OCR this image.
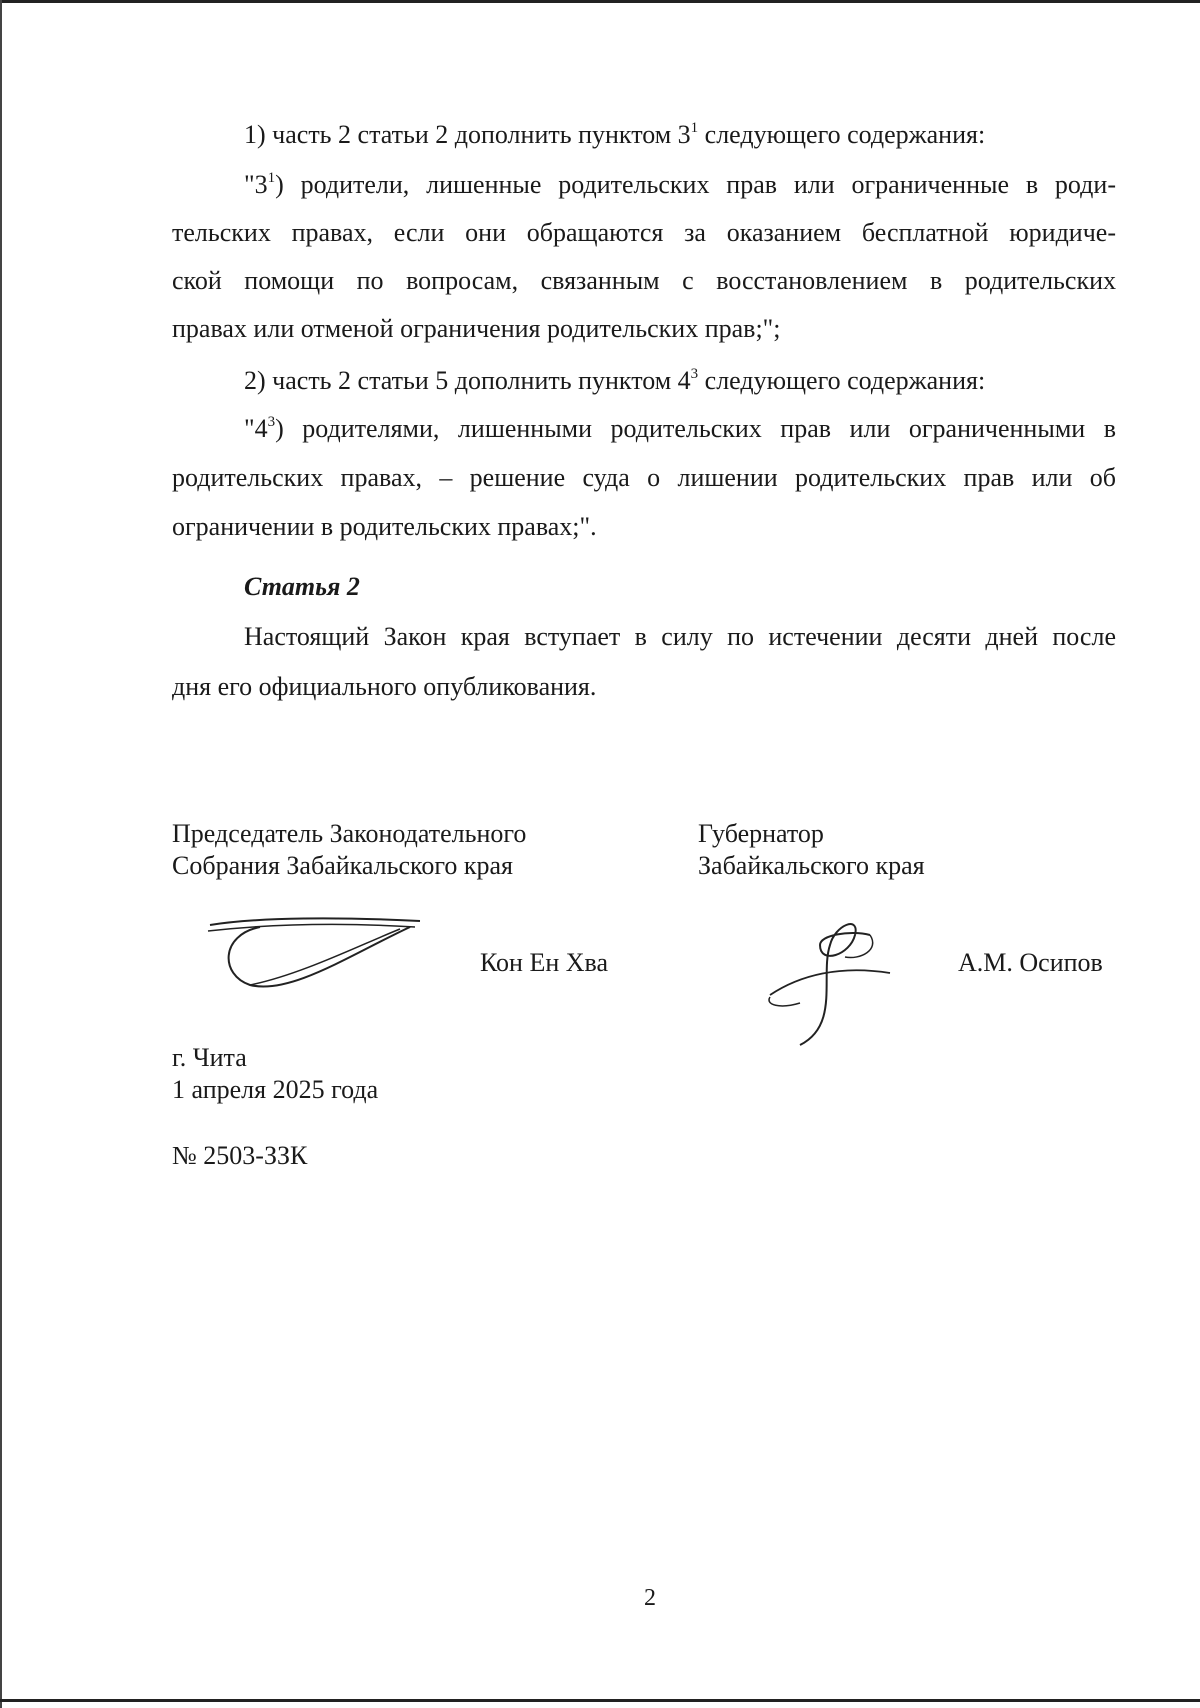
1) часть 2 статьи 2 дополнить пунктом $3^1$ следующего содержания:
"$3^1$) родители, лишенные родительских прав или ограниченные в роди-
тельских правах, если они обращаются за оказанием бесплатной юридиче-
ской помощи по вопросам, связанным с восстановлением в родительских
правах или отменой ограничения родительских прав;";
2) часть 2 статьи 5 дополнить пунктом $4^3$ следующего содержания:
"$4^3$) родителями, лишенными родительских прав или ограниченными в
родительских правах, – решение суда о лишении родительских прав или об
ограничении в родительских правах;".
Статья 2
Настоящий Закон края вступает в силу по истечении десяти дней после
дня его официального опубликования.
Председатель Законодательного
Собрания Забайкальского края
Губернатор
Забайкальского края
Кон Ен Хва	А.М. Осипов
г. Чита
1 апреля 2025 года
№ 2503-ЗЗК
2
